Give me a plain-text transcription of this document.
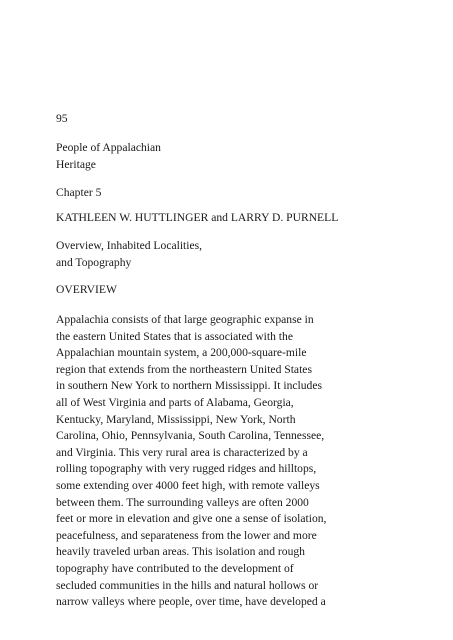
95
People of Appalachian
Heritage
Chapter 5
KATHLEEN W. HUTTLINGER and LARRY D. PURNELL
Overview, Inhabited Localities,
and Topography
OVERVIEW
Appalachia consists of that large geographic expanse in
the eastern United States that is associated with the
Appalachian mountain system, a 200,000-square-mile
region that extends from the northeastern United States
in southern New York to northern Mississippi. It includes
all of West Virginia and parts of Alabama, Georgia,
Kentucky, Maryland, Mississippi, New York, North
Carolina, Ohio, Pennsylvania, South Carolina, Tennessee,
and Virginia. This very rural area is characterized by a
rolling topography with very rugged ridges and hilltops,
some extending over 4000 feet high, with remote valleys
between them. The surrounding valleys are often 2000
feet or more in elevation and give one a sense of isolation,
peacefulness, and separateness from the lower and more
heavily traveled urban areas. This isolation and rough
topography have contributed to the development of
secluded communities in the hills and natural hollows or
narrow valleys where people, over time, have developed a
